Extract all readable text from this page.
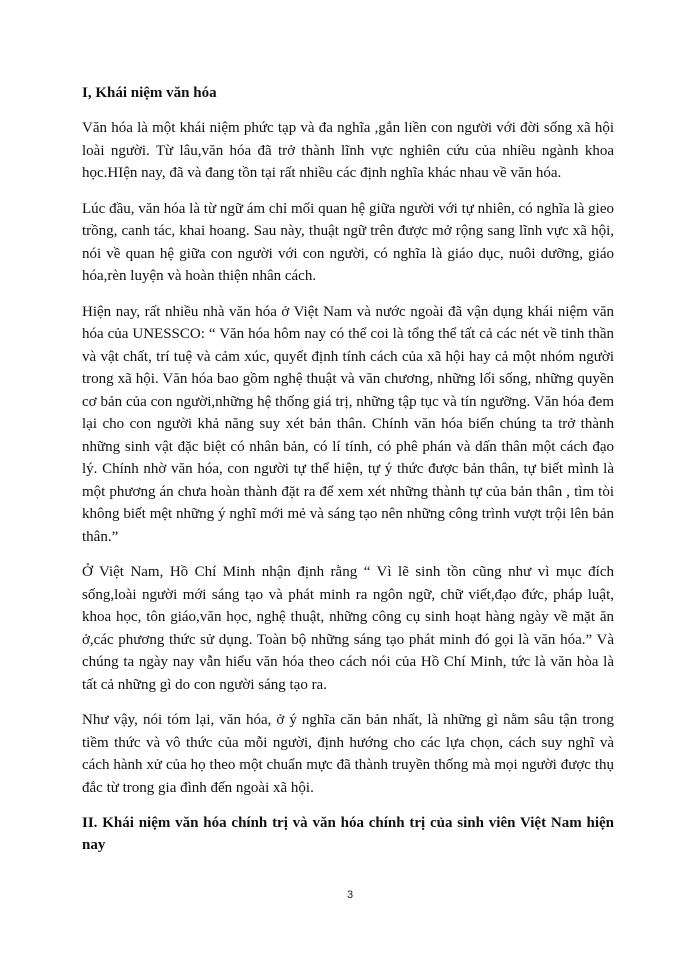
I, Khái niệm văn hóa

Văn hóa là một khái niệm phức tạp và đa nghĩa ,gắn liền con người với đời sống xã hội loài người. Từ lâu,văn hóa đã trở thành lĩnh vực nghiên cứu của nhiều ngành khoa học.HIện nay, đã và đang tồn tại rất nhiều các định nghĩa khác nhau về văn hóa.

Lúc đầu, văn hóa là từ ngữ ám chỉ mối quan hệ giữa người với tự nhiên, có nghĩa là gieo trồng, canh tác, khai hoang. Sau này, thuật ngữ trên được mở rộng sang lĩnh vực xã hội, nói về quan hệ giữa con người với con người, có nghĩa là giáo dục, nuôi dưỡng, giáo hóa,rèn luyện và hoàn thiện nhân cách.

Hiện nay, rất nhiều nhà văn hóa ở Việt Nam và nước ngoài đã vận dụng khái niệm văn hóa của UNESSCO: “ Văn hóa hôm nay có thể coi là tổng thể tất cả các nét về tinh thần và vật chất, trí tuệ và cảm xúc, quyết định tính cách của xã hội hay cả một nhóm người trong xã hội. Văn hóa bao gồm nghệ thuật và văn chương, những lối sống, những quyền cơ bản của con người,những hệ thống giá trị, những tập tục và tín ngưỡng. Văn hóa đem lại cho con người khả năng suy xét bản thân. Chính văn hóa biến chúng ta trở thành những sinh vật đặc biệt có nhân bản, có lí tính, có phê phán và dấn thân một cách đạo lý. Chính nhờ văn hóa, con người tự thể hiện, tự ý thức được bản thân, tự biết mình là một phương án chưa hoàn thành đặt ra để xem xét những thành tự của bản thân , tìm tòi không biết mệt những ý nghĩ mới mẻ và sáng tạo nên những công trình vượt trội lên bản thân.”

Ở Việt Nam, Hồ Chí Minh nhận định rằng “ Vì lẽ sinh tồn cũng như vì mục đích sống,loài người mới sáng tạo và phát minh ra ngôn ngữ, chữ viết,đạo đức, pháp luật, khoa học, tôn giáo,văn học, nghệ thuật, những công cụ sinh hoạt hàng ngày về mặt ăn ở,các phương thức sử dụng. Toàn bộ những sáng tạo phát minh đó gọi là văn hóa.” Và chúng ta ngày nay vẫn hiểu văn hóa theo cách nói của Hồ Chí Minh, tức là văn hòa là tất cả những gì do con người sáng tạo ra.

Như vậy, nói tóm lại, văn hóa, ở ý nghĩa căn bản nhất, là những gì nằm sâu tận trong tiềm thức và vô thức của mỗi người, định hướng cho các lựa chọn, cách suy nghĩ và cách hành xử của họ theo một chuẩn mực đã thành truyền thống mà mọi người được thụ đắc từ trong gia đình đến ngoài xã hội.

II. Khái niệm văn hóa chính trị và văn hóa chính trị của sinh viên Việt Nam hiện nay
3
